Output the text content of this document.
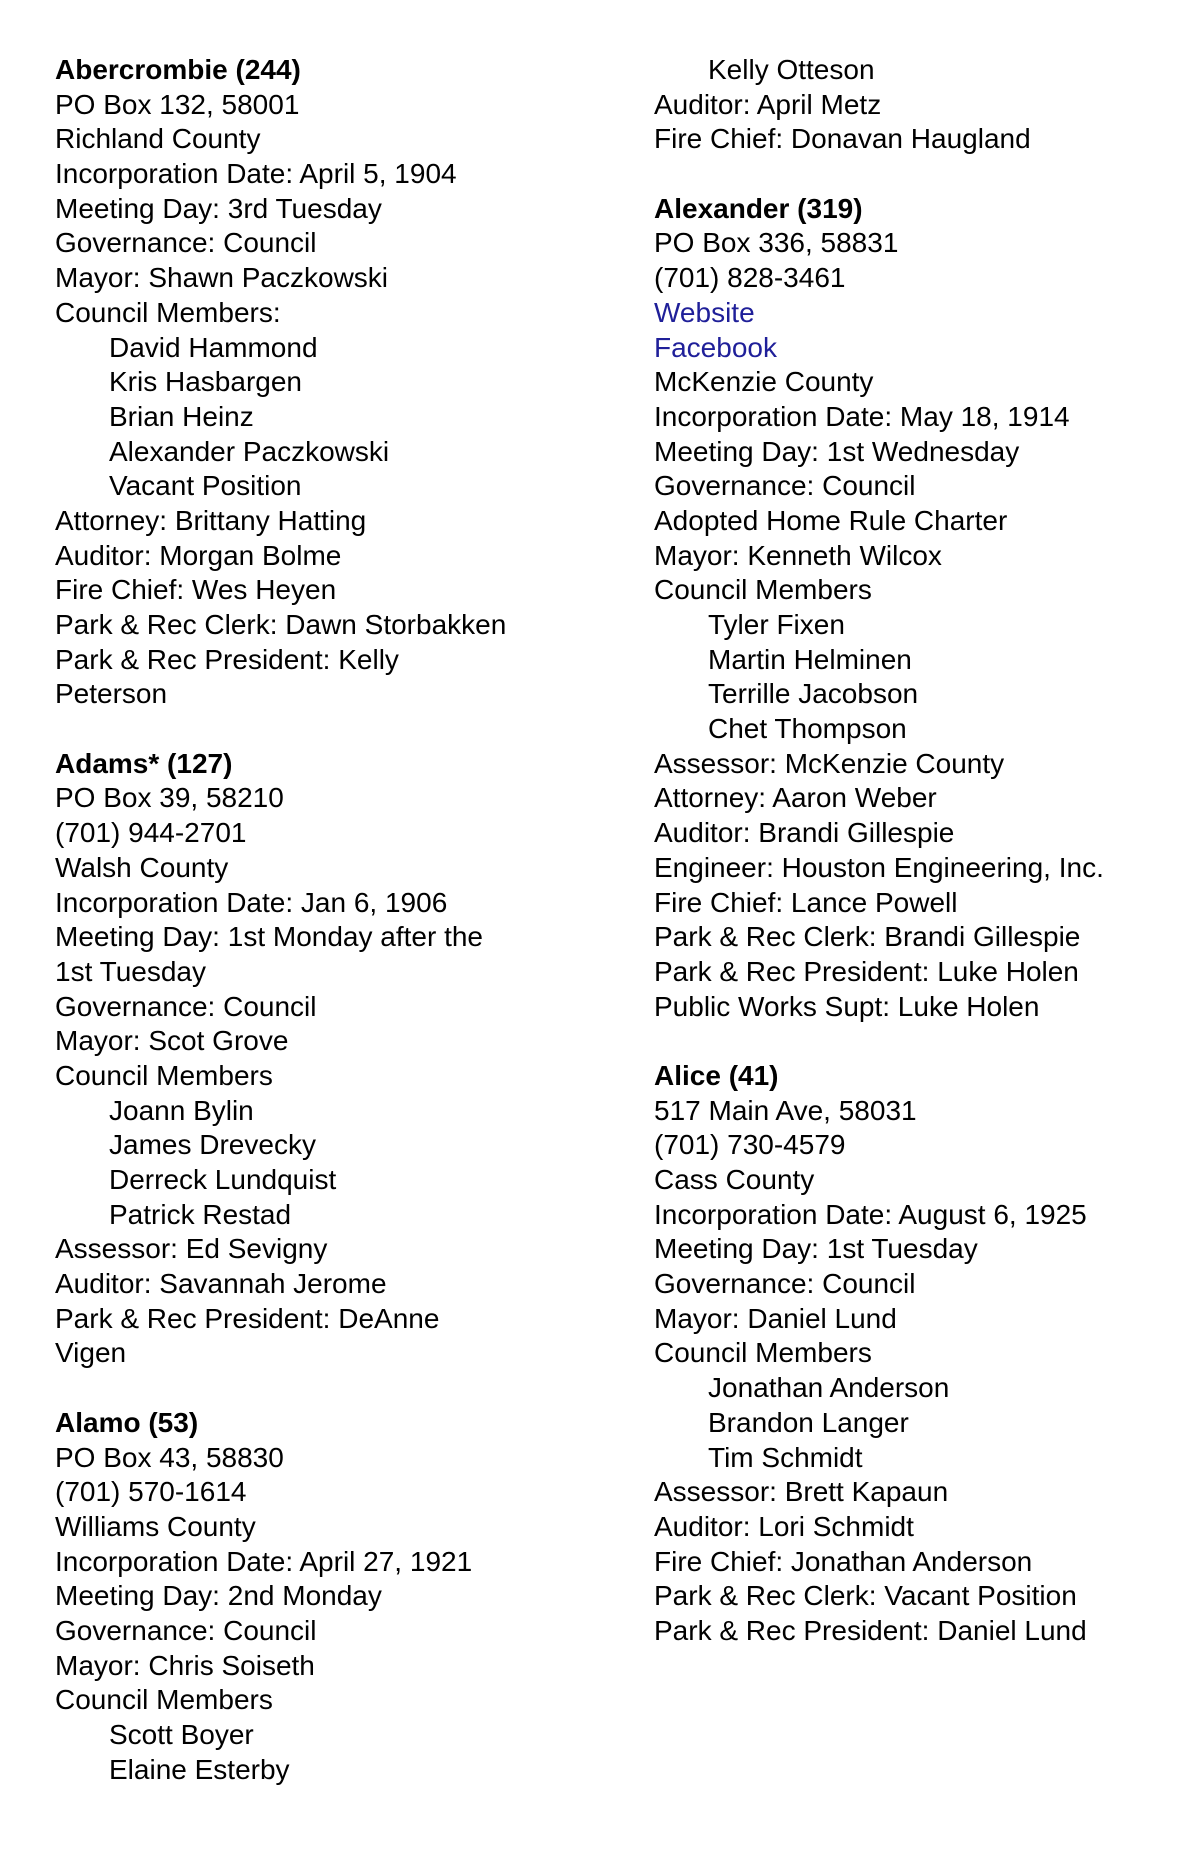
Abercrombie (244)
PO Box 132, 58001
Richland County
Incorporation Date: April 5, 1904
Meeting Day: 3rd Tuesday
Governance: Council
Mayor: Shawn Paczkowski
Council Members:
David Hammond
Kris Hasbargen
Brian Heinz
Alexander Paczkowski
Vacant Position
Attorney: Brittany Hatting
Auditor: Morgan Bolme
Fire Chief: Wes Heyen
Park & Rec Clerk: Dawn Storbakken
Park & Rec President: Kelly
Peterson
Adams* (127)
PO Box 39, 58210
(701) 944-2701
Walsh County
Incorporation Date: Jan 6, 1906
Meeting Day: 1st Monday after the
1st Tuesday
Governance: Council
Mayor: Scot Grove
Council Members
Joann Bylin
James Drevecky
Derreck Lundquist
Patrick Restad
Assessor: Ed Sevigny
Auditor: Savannah Jerome
Park & Rec President: DeAnne
Vigen
Alamo (53)
PO Box 43, 58830
(701) 570-1614
Williams County
Incorporation Date: April 27, 1921
Meeting Day: 2nd Monday
Governance: Council
Mayor: Chris Soiseth
Council Members
Scott Boyer
Elaine Esterby
Kelly Otteson
Auditor: April Metz
Fire Chief: Donavan Haugland
Alexander (319)
PO Box 336, 58831
(701) 828-3461
Website
Facebook
McKenzie County
Incorporation Date: May 18, 1914
Meeting Day: 1st Wednesday
Governance: Council
Adopted Home Rule Charter
Mayor: Kenneth Wilcox
Council Members
Tyler Fixen
Martin Helminen
Terrille Jacobson
Chet Thompson
Assessor: McKenzie County
Attorney: Aaron Weber
Auditor: Brandi Gillespie
Engineer: Houston Engineering, Inc.
Fire Chief: Lance Powell
Park & Rec Clerk: Brandi Gillespie
Park & Rec President: Luke Holen
Public Works Supt: Luke Holen
Alice (41)
517 Main Ave, 58031
(701) 730-4579
Cass County
Incorporation Date: August 6, 1925
Meeting Day: 1st Tuesday
Governance: Council
Mayor: Daniel Lund
Council Members
Jonathan Anderson
Brandon Langer
Tim Schmidt
Assessor: Brett Kapaun
Auditor: Lori Schmidt
Fire Chief: Jonathan Anderson
Park & Rec Clerk: Vacant Position
Park & Rec President: Daniel Lund
